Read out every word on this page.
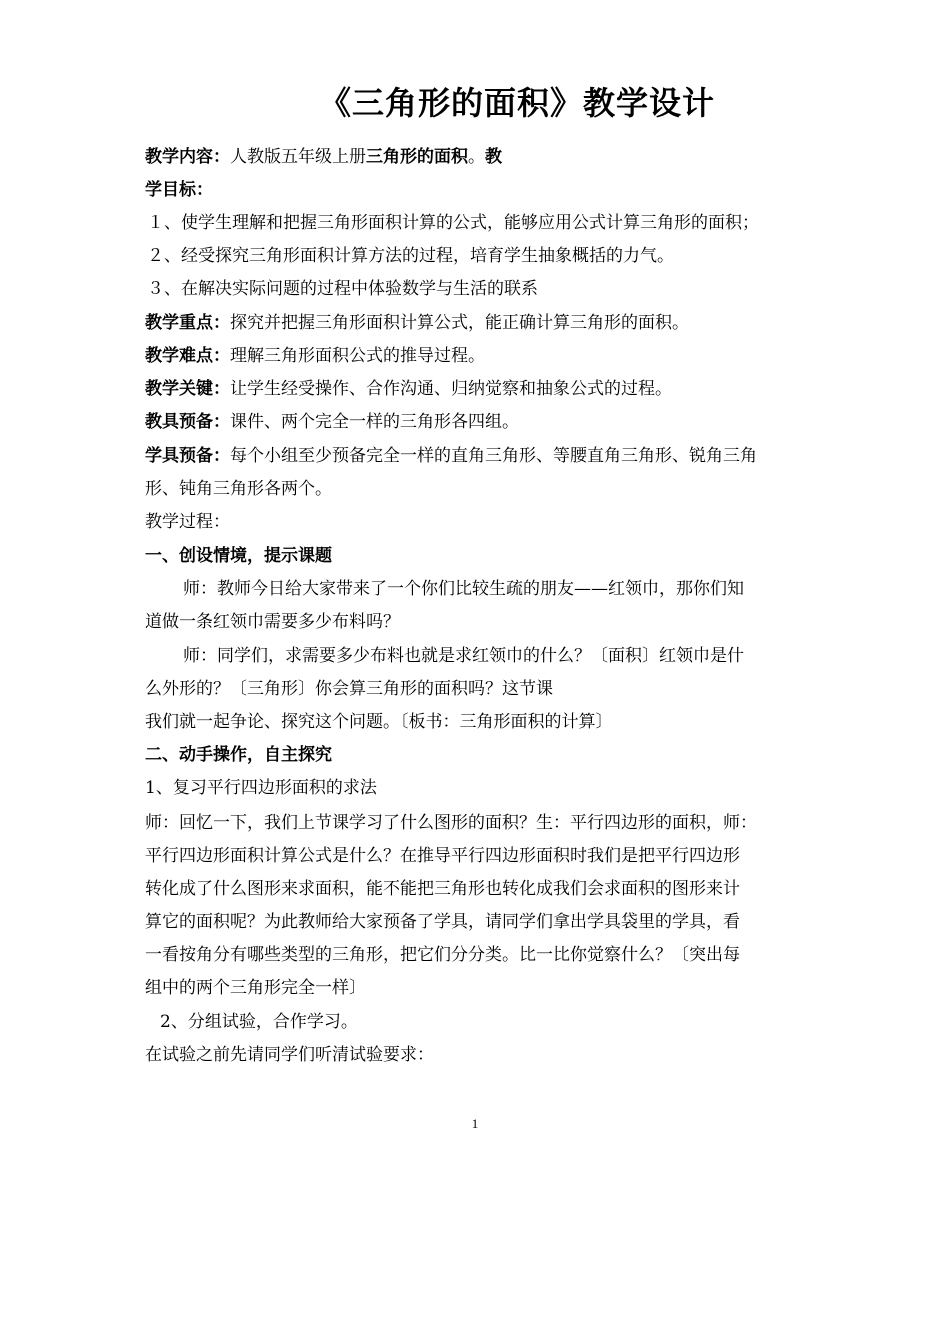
《三角形的面积》教学设计
教学内容：人教版五年级上册三角形的面积。教
学目标：
１、使学生理解和把握三角形面积计算的公式，能够应用公式计算三角形的面积；
２、经受探究三角形面积计算方法的过程，培育学生抽象概括的力气。
３、在解决实际问题的过程中体验数学与生活的联系
教学重点：探究并把握三角形面积计算公式，能正确计算三角形的面积。
教学难点：理解三角形面积公式的推导过程。
教学关键：让学生经受操作、合作沟通、归纳觉察和抽象公式的过程。
教具预备：课件、两个完全一样的三角形各四组。
学具预备：每个小组至少预备完全一样的直角三角形、等腰直角三角形、锐角三角
形、钝角三角形各两个。
教学过程：
一、创设情境，提示课题
师：教师今日给大家带来了一个你们比较生疏的朋友——红领巾，那你们知
道做一条红领巾需要多少布料吗？
师：同学们，求需要多少布料也就是求红领巾的什么？〔面积〕红领巾是什
么外形的？〔三角形〕你会算三角形的面积吗？这节课
我们就一起争论、探究这个问题。〔板书：三角形面积的计算〕
二、动手操作，自主探究
1、复习平行四边形面积的求法
师：回忆一下，我们上节课学习了什么图形的面积？生：平行四边形的面积，师：
平行四边形面积计算公式是什么？在推导平行四边形面积时我们是把平行四边形
转化成了什么图形来求面积，能不能把三角形也转化成我们会求面积的图形来计
算它的面积呢？为此教师给大家预备了学具，请同学们拿出学具袋里的学具，看
一看按角分有哪些类型的三角形，把它们分分类。比一比你觉察什么？〔突出每
组中的两个三角形完全一样〕
2、分组试验，合作学习。
在试验之前先请同学们听清试验要求：
1
